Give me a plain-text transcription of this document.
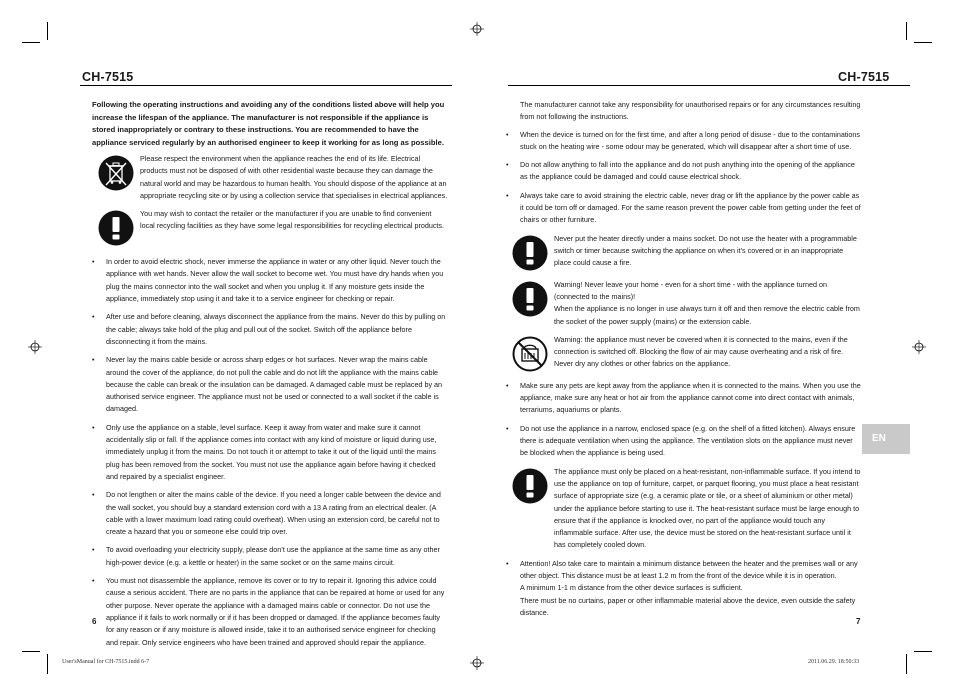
CH-7515	CH-7515

Following the operating instructions and avoiding any of the conditions listed above will help you increase the lifespan of the appliance. The manufacturer is not responsible if the appliance is stored inappropriately or contrary to these instructions. You are recommended to have the appliance serviced regularly by an authorised engineer to keep it working for as long as possible.

Please respect the environment when the appliance reaches the end of its life. Electrical products must not be disposed of with other residential waste because they can damage the natural world and may be hazardous to human health. You should dispose of the appliance at an appropriate recycling site or by using a collection service that specialises in electrical appliances.
You may wish to contact the retailer or the manufacturer if you are unable to find convenient local recycling facilities as they have some legal responsibilities for recycling electrical products.
• In order to avoid electric shock, never immerse the appliance in water or any other liquid. Never touch the appliance with wet hands. Never allow the wall socket to become wet. You must have dry hands when you plug the mains connector into the wall socket and when you unplug it. If any moisture gets inside the appliance, immediately stop using it and take it to a service engineer for checking or repair.
• After use and before cleaning, always disconnect the appliance from the mains. Never do this by pulling on the cable; always take hold of the plug and pull out of the socket. Switch off the appliance before disconnecting it from the mains.
• Never lay the mains cable beside or across sharp edges or hot surfaces. Never wrap the mains cable around the cover of the appliance, do not pull the cable and do not lift the appliance with the mains cable because the cable can break or the insulation can be damaged. A damaged cable must be replaced by an authorised service engineer. The appliance must not be used or connected to a wall socket if the cable is damaged.
• Only use the appliance on a stable, level surface. Keep it away from water and make sure it cannot accidentally slip or fall. If the appliance comes into contact with any kind of moisture or liquid during use, immediately unplug it from the mains. Do not touch it or attempt to take it out of the liquid until the mains plug has been removed from the socket. You must not use the appliance again before having it checked and repaired by a specialist engineer.
• Do not lengthen or alter the mains cable of the device. If you need a longer cable between the device and the wall socket, you should buy a standard extension cord with a 13 A rating from an electrical dealer. (A cable with a lower maximum load rating could overheat). When using an extension cord, be careful not to create a hazard that you or someone else could trip over.
• To avoid overloading your electricity supply, please don’t use the appliance at the same time as any other high-power device (e.g. a kettle or heater) in the same socket or on the same mains circuit.
• You must not disassemble the appliance, remove its cover or to try to repair it. Ignoring this advice could cause a serious accident. There are no parts in the appliance that can be repaired at home or used for any other purpose. Never operate the appliance with a damaged mains cable or connector. Do not use the appliance if it fails to work normally or if it has been dropped or damaged. If the appliance becomes faulty for any reason or if any moisture is allowed inside, take it to an authorised service engineer for checking and repair. Only service engineers who have been trained and approved should repair the appliance.
6

The manufacturer cannot take any responsibility for unauthorised repairs or for any circumstances resulting from not following the instructions.

• When the device is turned on for the first time, and after a long period of disuse - due to the contaminations stuck on the heating wire - some odour may be generated, which will disappear after a short time of use.
• Do not allow anything to fall into the appliance and do not push anything into the opening of the appliance as the appliance could be damaged and could cause electrical shock.
• Always take care to avoid straining the electric cable, never drag or lift the appliance by the power cable as it could be torn off or damaged. For the same reason prevent the power cable from getting under the feet of chairs or other furniture.
Never put the heater directly under a mains socket. Do not use the heater with a programmable switch or timer because switching the appliance on when it’s covered or in an inappropriate place could cause a fire.
Warning! Never leave your home - even for a short time - with the appliance turned on (connected to the mains)!
When the appliance is no longer in use always turn it off and then remove the electric cable from the socket of the power supply (mains) or the extension cable.
Warning: the appliance must never be covered when it is connected to the mains, even if the connection is switched off. Blocking the flow of air may cause overheating and a risk of fire. Never dry any clothes or other fabrics on the appliance.
• Make sure any pets are kept away from the appliance when it is connected to the mains. When you use the appliance, make sure any heat or hot air from the appliance cannot come into direct contact with animals, terrariums, aquariums or plants.
• Do not use the appliance in a narrow, enclosed space (e.g. on the shelf of a fitted kitchen). Always ensure there is adequate ventilation when using the appliance. The ventilation slots on the appliance must never be blocked when the appliance is being used.
The appliance must only be placed on a heat-resistant, non-inflammable surface. If you intend to use the appliance on top of furniture, carpet, or parquet flooring, you must place a heat resistant surface of appropriate size (e.g. a ceramic plate or tile, or a sheet of aluminium or other metal) under the appliance before starting to use it. The heat-resistant surface must be large enough to ensure that if the appliance is knocked over, no part of the appliance would touch any inflammable surface. After use, the device must be stored on the heat-resistant surface until it has completely cooled down.
• Attention! Also take care to maintain a minimum distance between the heater and the premises wall or any other object. This distance must be at least 1.2 m from the front of the device while it is in operation.
A minimum 1-1 m distance from the other device surfaces is sufficient.
There must be no curtains, paper or other inflammable material above the device, even outside the safety distance.
7
EN
User'sManual for CH-7515.indd 6-7	2011.06.29. 18:50:33
